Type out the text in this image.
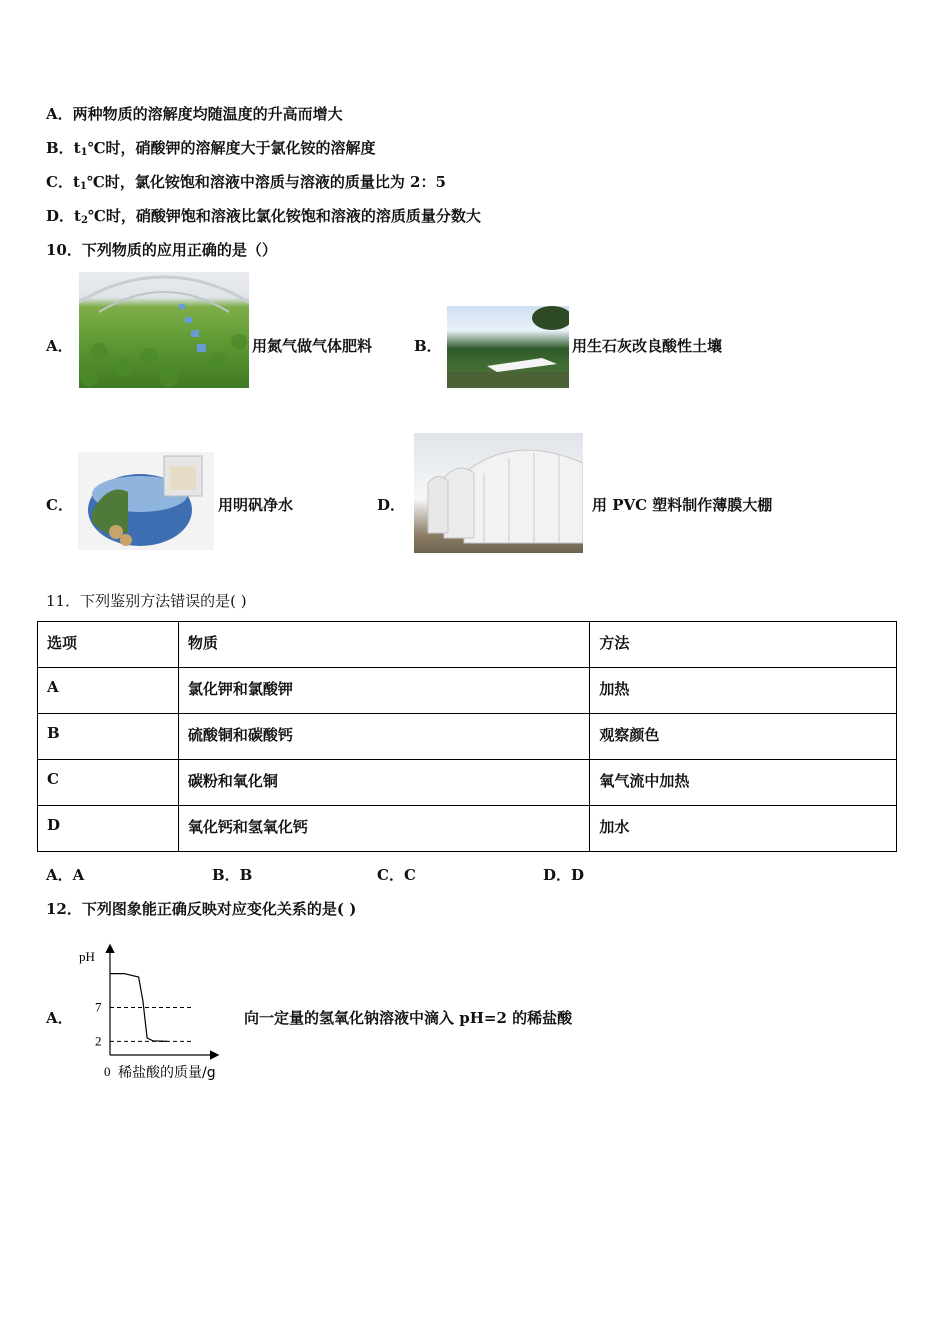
A．两种物质的溶解度均随温度的升高而增大
B．$t_1℃$时，硝酸钾的溶解度大于氯化铵的溶解度
C．$t_1℃$时，氯化铵饱和溶液中溶质与溶液的质量比为 2：5
D．$t_2℃$时，硝酸钾饱和溶液比氯化铵饱和溶液的溶质质量分数大
10．下列物质的应用正确的是（）
A．	用氮气做气体肥料	B．	用生石灰改良酸性土壤
C．	用明矾净水	D．	用 PVC 塑料制作薄膜大棚
11．下列鉴别方法错误的是( )
选项	物质	方法
A	氯化钾和氯酸钾	加热
B	硫酸铜和碳酸钙	观察颜色
C	碳粉和氧化铜	氧气流中加热
D	氧化钙和氢氧化钙	加水
A．A	B．B	C．C	D．D
12．下列图象能正确反映对应变化关系的是( )
A．
pH
7
2
0 稀盐酸的质量/g
向一定量的氢氧化钠溶液中滴入 pH=2 的稀盐酸
